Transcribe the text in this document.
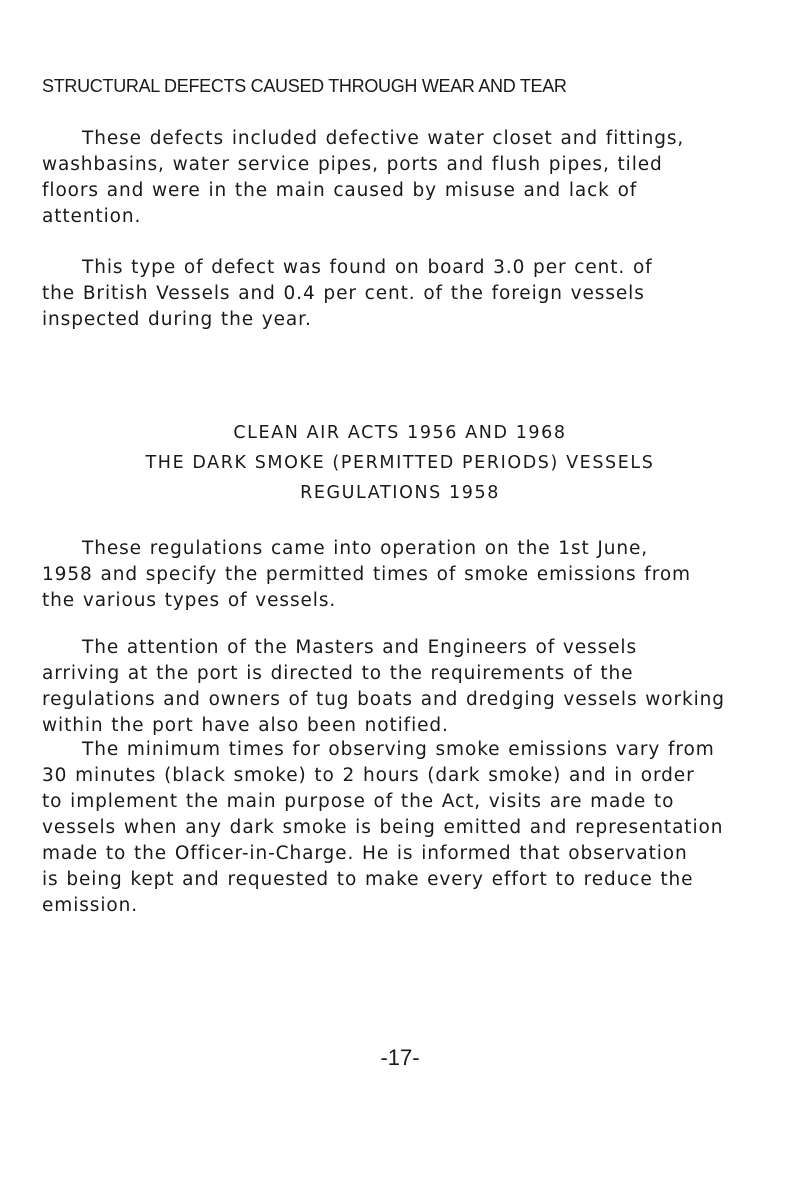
STRUCTURAL DEFECTS CAUSED THROUGH WEAR AND TEAR

These defects included defective water closet and fittings,
washbasins, water service pipes, ports and flush pipes, tiled
floors and were in the main caused by misuse and lack of
attention.

This type of defect was found on board 3.0 per cent. of
the British Vessels and 0.4 per cent. of the foreign vessels
inspected during the year.

CLEAN AIR ACTS 1956 AND 1968
THE DARK SMOKE (PERMITTED PERIODS) VESSELS
REGULATIONS 1958

These regulations came into operation on the 1st June,
1958 and specify the permitted times of smoke emissions from
the various types of vessels.

The attention of the Masters and Engineers of vessels
arriving at the port is directed to the requirements of the
regulations and owners of tug boats and dredging vessels working
within the port have also been notified.

The minimum times for observing smoke emissions vary from
30 minutes (black smoke) to 2 hours (dark smoke) and in order
to implement the main purpose of the Act, visits are made to
vessels when any dark smoke is being emitted and representation
made to the Officer-in-Charge. He is informed that observation
is being kept and requested to make every effort to reduce the
emission.

-17-
